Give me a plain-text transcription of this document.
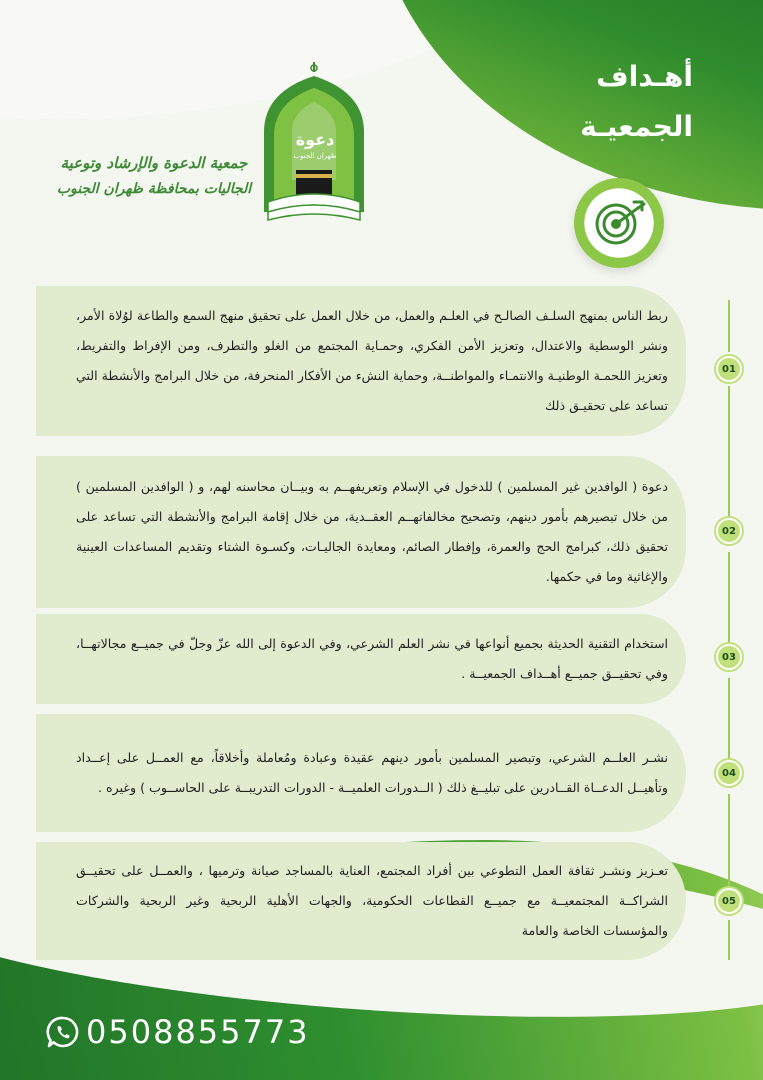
أهـداف
الجمعيـة
دعوة
ظهران الجنوب
جمعية الدعوة والإرشاد وتوعية
الجاليات بمحافظة ظهران الجنوب
ربط الناس بمنهج السلـف الصالـح في العلـم والعمل، من خلال العمل على تحقيق منهج السمع والطاعة لوُلاة الأمر، ونشر الوسطية والاعتدال، وتعزيز الأمن الفكري، وحمـاية المجتمع من الغلو والتطرف، ومن الإفراط والتفريط، وتعزيز اللحمـة الوطنيـة والانتمـاء والمواطنــة، وحماية النشء من الأفكار المنحرفة، من خلال البرامج والأنشطة التي تساعد على تحقيـق ذلك
01
دعوة ( الوافدين غير المسلمين ) للدخول في الإسلام وتعريفهــم به وبيــان محاسنه لهم، و ( الوافدين المسلمين ) من خلال تبصيرهم بأمور دينهم، وتصحيح مخالفاتهــم العقــدية، من خلال إقامة البرامج والأنشطة التي تساعد على تحقيق ذلك، كبرامج الحج والعمرة، وإفطار الصائم، ومعايدة الجاليـات، وكسـوة الشتاء وتقديم المساعدات العينية والإغاثية وما في حكمها.
02
استخدام التقنية الحديثة بجميع أنواعها في نشر العلم الشرعي، وفي الدعوة إلى الله عزّ وجلّ في جميــع مجالاتهــا، وفي تحقيــق جميــع أهــداف الجمعيــة .
03
نشـر العلــم الشرعي، وتبصير المسلمين بأمور دينهم عقيدة وعبادة ومُعاملة وأخلاقاً، مع العمــل على إعــداد وتأهيــل الدعــاة القــادرين على تبليــغ ذلك ( الــدورات العلميــة - الدورات التدريبــة على الحاســوب ) وغيره .
04
تعـزيز ونشـر ثقافة العمل التطوعي بين أفراد المجتمع، العناية بالمساجد صيانة وترميها ، والعمــل على تحقيــق الشراكــة المجتمعيــة مع جميــع القطاعات الحكومية، والجهات الأهلية الربحية وغير الربحية والشركات والمؤسسات الخاصة والعامة
05
0508855773
